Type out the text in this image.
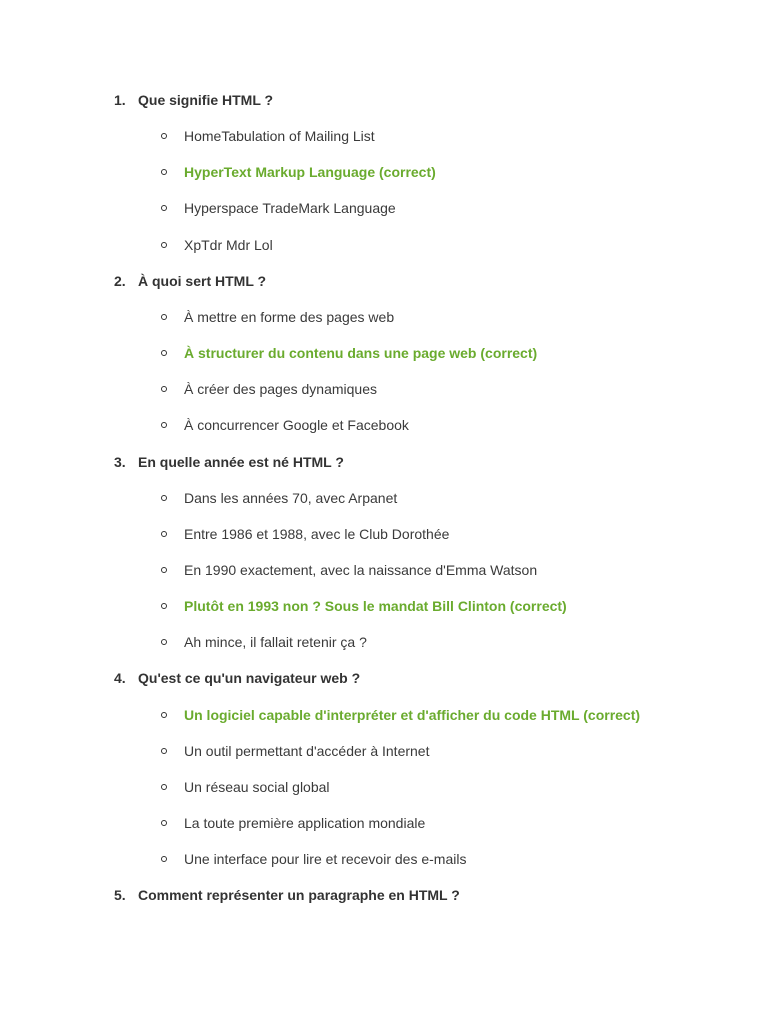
1. Que signifie HTML ?
HomeTabulation of Mailing List
HyperText Markup Language (correct)
Hyperspace TradeMark Language
XpTdr Mdr Lol
2. À quoi sert HTML ?
À mettre en forme des pages web
À structurer du contenu dans une page web (correct)
À créer des pages dynamiques
À concurrencer Google et Facebook
3. En quelle année est né HTML ?
Dans les années 70, avec Arpanet
Entre 1986 et 1988, avec le Club Dorothée
En 1990 exactement, avec la naissance d'Emma Watson
Plutôt en 1993 non ? Sous le mandat Bill Clinton (correct)
Ah mince, il fallait retenir ça ?
4. Qu'est ce qu'un navigateur web ?
Un logiciel capable d'interpréter et d'afficher du code HTML (correct)
Un outil permettant d'accéder à Internet
Un réseau social global
La toute première application mondiale
Une interface pour lire et recevoir des e-mails
5. Comment représenter un paragraphe en HTML ?
